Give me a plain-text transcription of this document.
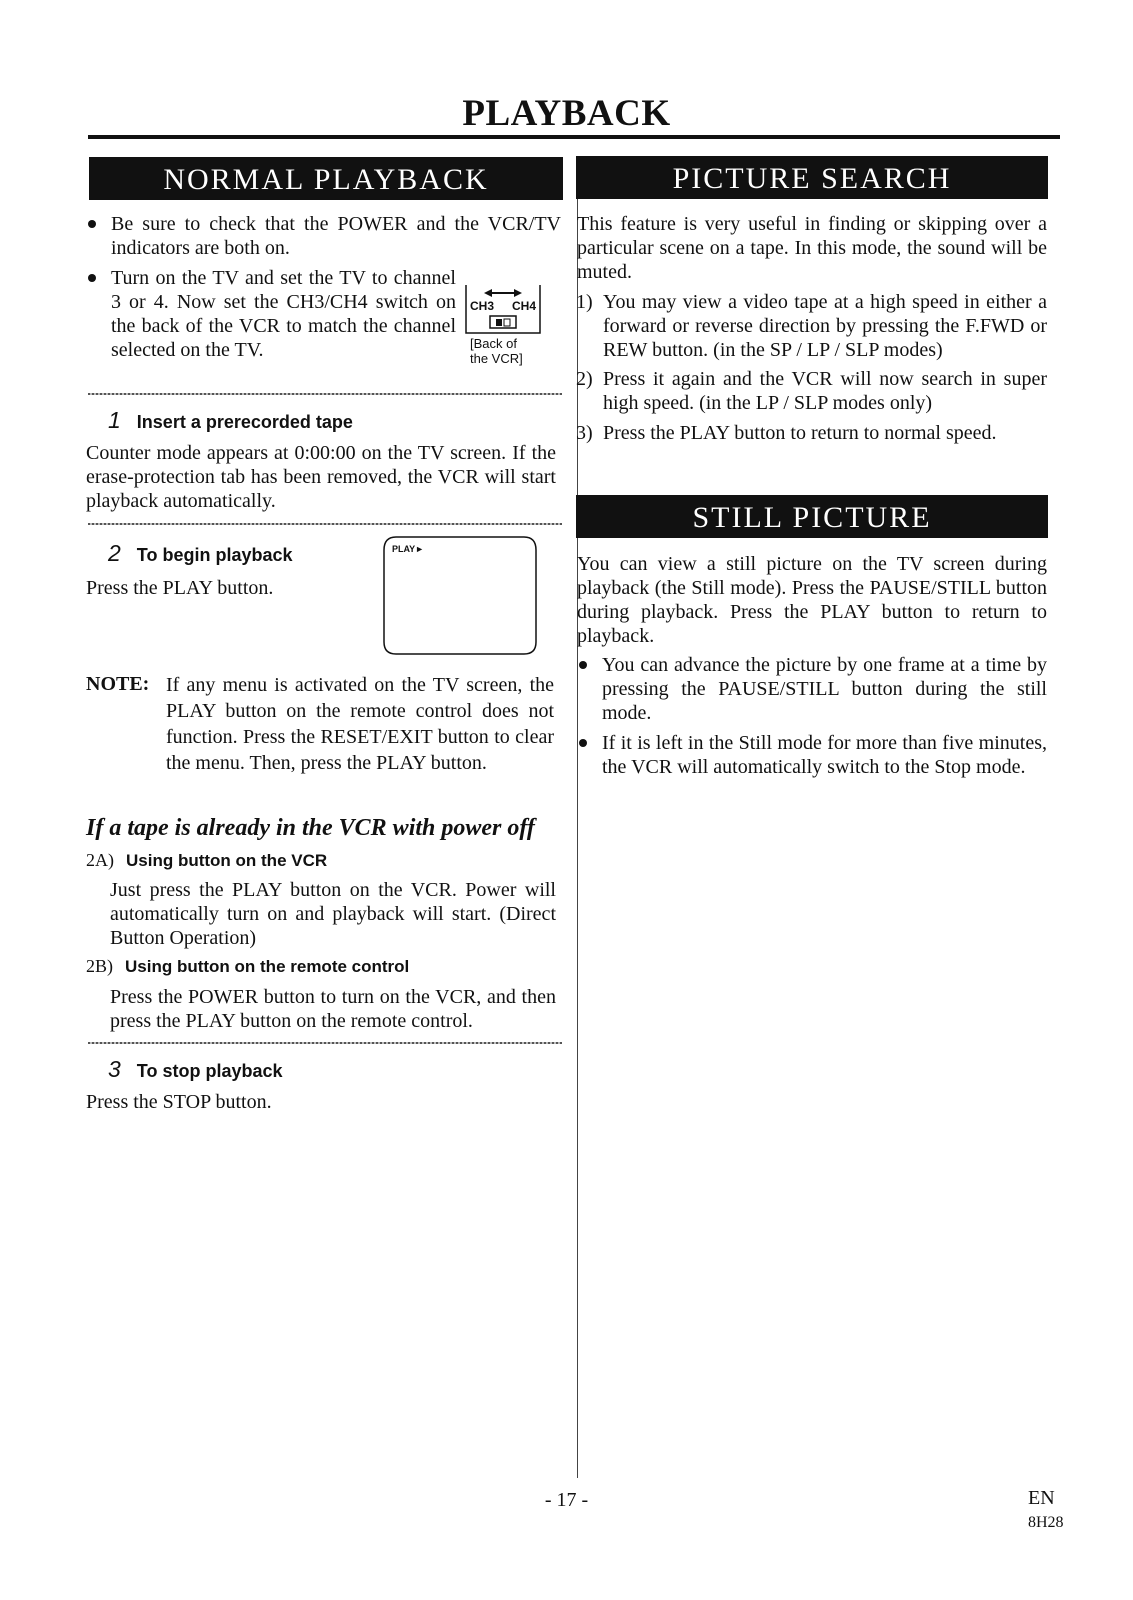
PLAYBACK
NORMAL PLAYBACK
Be sure to check that the POWER and the VCR/TV indicators are both on.
Turn on the TV and set the TV to channel 3 or 4. Now set the CH3/CH4 switch on the back of the VCR to match the channel selected on the TV.
CH3 CH4
[Back of
the VCR]
1 Insert a prerecorded tape
Counter mode appears at 0:00:00 on the TV screen. If the erase-protection tab has been removed, the VCR will start playback automatically.
2 To begin playback
Press the PLAY button.
PLAY►
NOTE: If any menu is activated on the TV screen, the PLAY button on the remote control does not function. Press the RESET/EXIT button to clear the menu. Then, press the PLAY button.
If a tape is already in the VCR with power off
2A) Using button on the VCR
Just press the PLAY button on the VCR. Power will automatically turn on and playback will start. (Direct Button Operation)
2B) Using button on the remote control
Press the POWER button to turn on the VCR, and then press the PLAY button on the remote control.
3 To stop playback
Press the STOP button.
PICTURE SEARCH
This feature is very useful in finding or skipping over a particular scene on a tape. In this mode, the sound will be muted.
1) You may view a video tape at a high speed in either a forward or reverse direction by pressing the F.FWD or REW button. (in the SP / LP / SLP modes)
2) Press it again and the VCR will now search in super high speed. (in the LP / SLP modes only)
3) Press the PLAY button to return to normal speed.
STILL PICTURE
You can view a still picture on the TV screen during playback (the Still mode). Press the PAUSE/STILL button during playback. Press the PLAY button to return to playback.
You can advance the picture by one frame at a time by pressing the PAUSE/STILL button during the still mode.
If it is left in the Still mode for more than five minutes, the VCR will automatically switch to the Stop mode.
- 17 -	EN
8H28
